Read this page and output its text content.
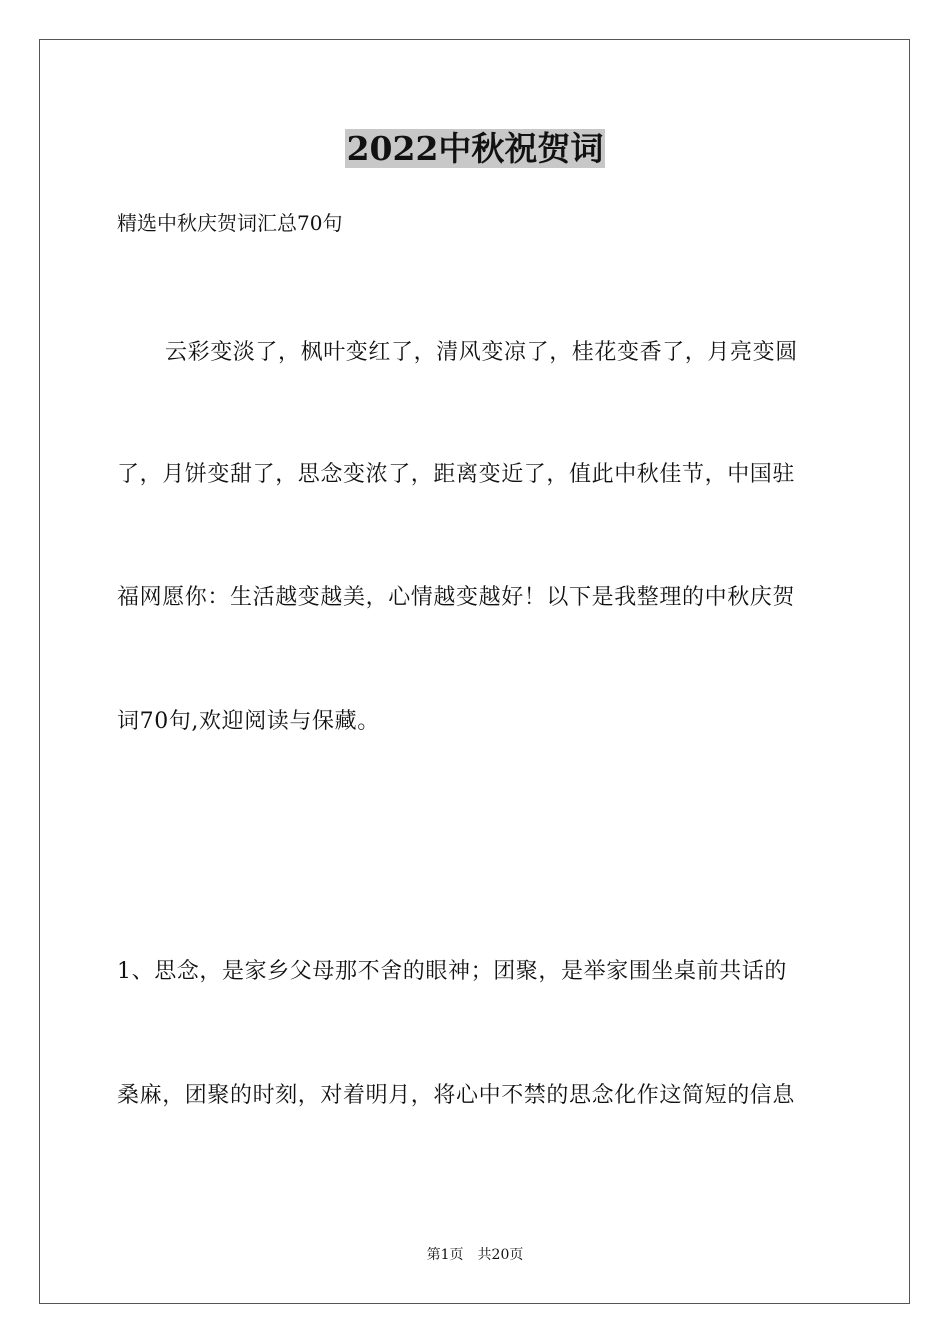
2022中秋祝贺词
精选中秋庆贺词汇总70句
云彩变淡了，枫叶变红了，清风变凉了，桂花变香了，月亮变圆
了，月饼变甜了，思念变浓了，距离变近了，值此中秋佳节，中国驻
福网愿你：生活越变越美，心情越变越好！以下是我整理的中秋庆贺
词70句,欢迎阅读与保藏。
1、思念，是家乡父母那不舍的眼神；团聚，是举家围坐桌前共话的
桑麻，团聚的时刻，对着明月，将心中不禁的思念化作这简短的信息
第1页　共20页
